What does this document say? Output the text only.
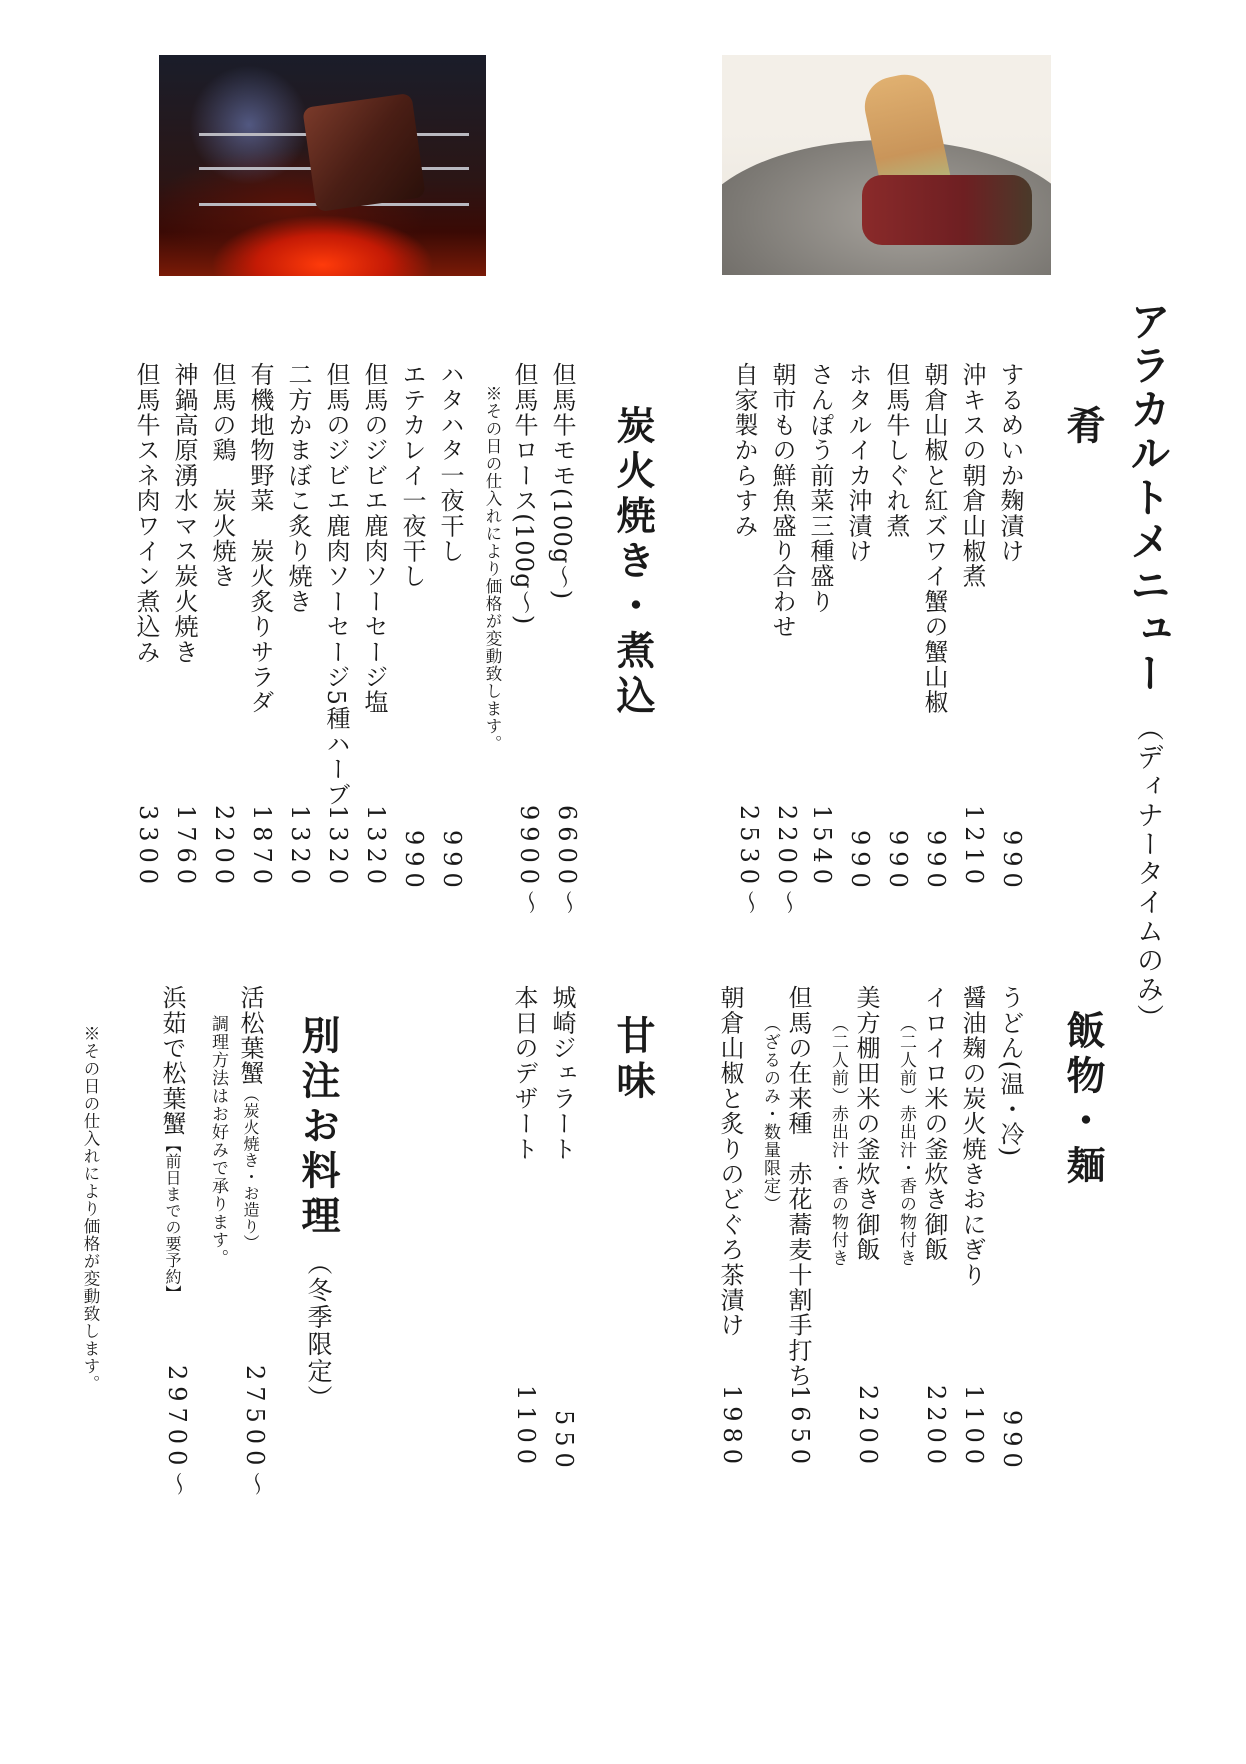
アラカルトメニュー（ディナータイムのみ）
肴
するめいか麹漬け
沖キスの朝倉山椒煮
朝倉山椒と紅ズワイ蟹の蟹山椒
但馬牛しぐれ煮
ホタルイカ沖漬け
さんぽう前菜三種盛り
朝市もの鮮魚盛り合わせ
自家製からすみ
990
1210
990
990
990
1540
2200～
2530～
炭火焼き・煮込
但馬牛モモ(100g～)
但馬牛ロース(100g～)
※その日の仕入れにより価格が変動致します。
ハタハタ一夜干し
エテカレイ一夜干し
但馬のジビエ鹿肉ソーセージ塩
但馬のジビエ鹿肉ソーセージ5種ハーブ
二方かまぼこ炙り焼き
有機地物野菜　炭火炙りサラダ
但馬の鶏　炭火焼き
神鍋高原湧水マス炭火焼き
但馬牛スネ肉ワイン煮込み
6600～
9900～
990
990
1320
1320
1320
1870
2200
1760
3300
飯物・麺
うどん(温・冷)
醤油麹の炭火焼きおにぎり
イロイロ米の釜炊き御飯
（二人前）赤出汁・香の物付き
美方棚田米の釜炊き御飯
（二人前）赤出汁・香の物付き
但馬の在来種　赤花蕎麦十割手打ち
（ざるのみ・数量限定）
朝倉山椒と炙りのどぐろ茶漬け
990
1100
2200
2200
1650
1980
甘味
城崎ジェラート
本日のデザート
550
1100
別注お料理（冬季限定）
活松葉蟹（炭火焼き・お造り）
調理方法はお好みで承ります。
浜茹で松葉蟹【前日までの要予約】
27500～
29700～
※その日の仕入れにより価格が変動致します。
